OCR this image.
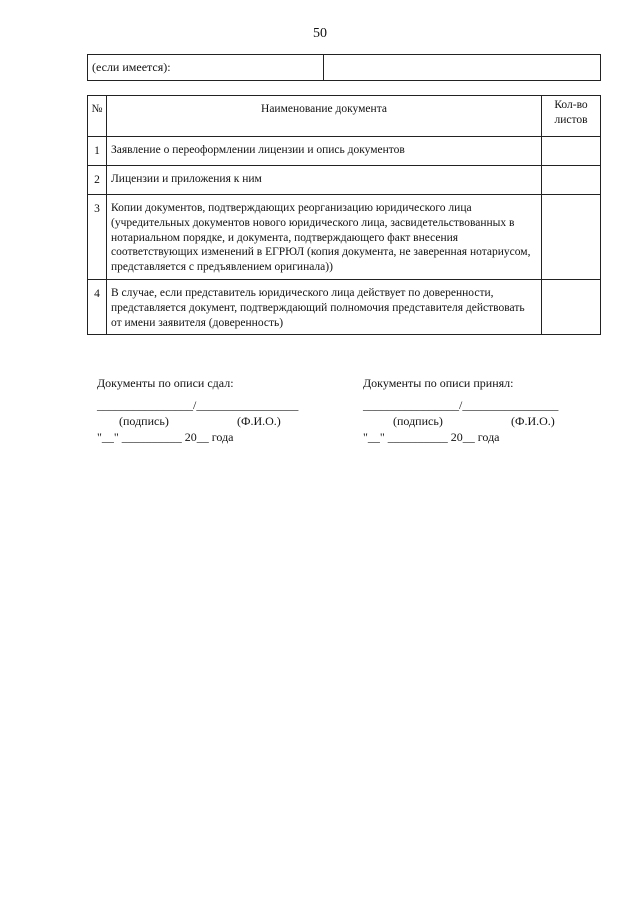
50
(если имеется):	
№	Наименование документа	Кол-во листов
1	Заявление о переоформлении лицензии и опись документов	
2	Лицензии и приложения к ним	
3	Копии документов, подтверждающих реорганизацию юридического лица (учредительных документов нового юридического лица, засвидетельствованных в нотариальном порядке, и документа, подтверждающего факт внесения соответствующих изменений в ЕГРЮЛ (копия документа, не заверенная нотариусом, представляется с предъявлением оригинала))	
4	В случае, если представитель юридического лица действует по доверенности, представляется документ, подтверждающий полномочия представителя действовать от имени заявителя (доверенность)	
Документы по описи сдал:
________________/_________________
(подпись)	(Ф.И.О.)
"__" __________ 20__ года
Документы по описи принял:
________________/________________
(подпись)	(Ф.И.О.)
"__" __________ 20__ года
